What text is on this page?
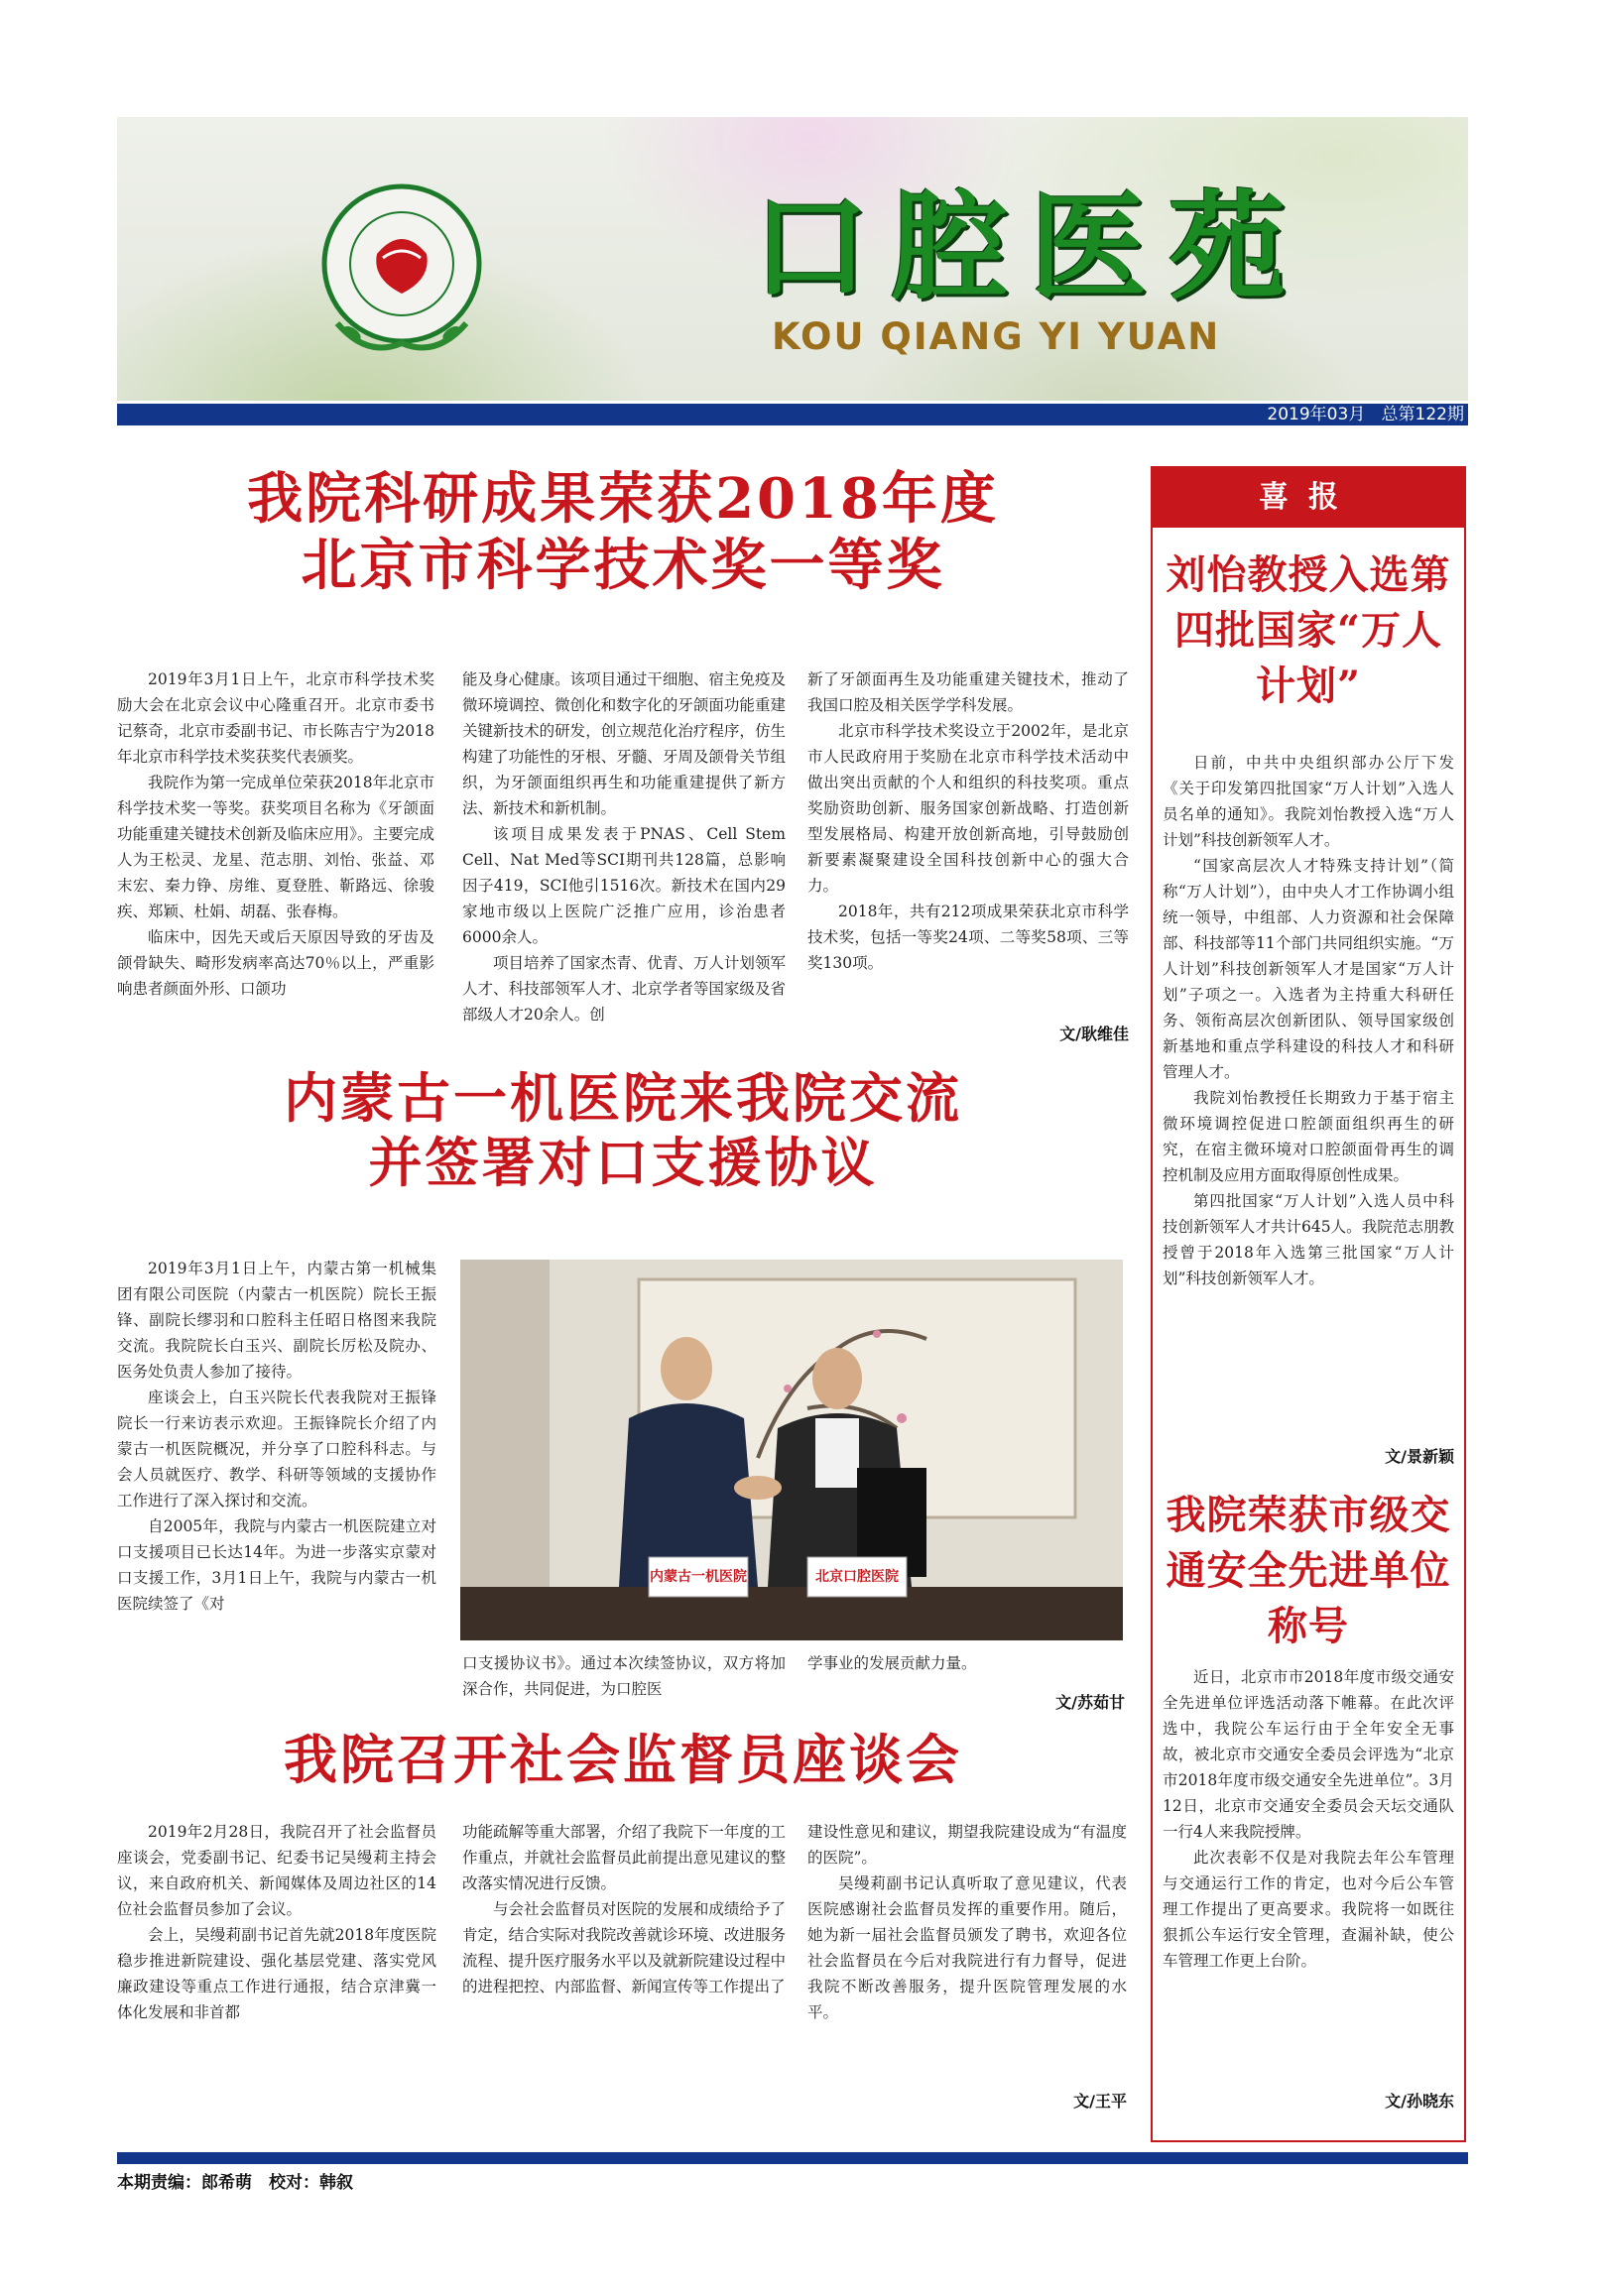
口腔医苑
KOU QIANG YI YUAN
2019年03月 总第122期
我院科研成果荣获2018年度
北京市科学技术奖一等奖

2019年3月1日上午，北京市科学技术奖励大会在北京会议中心隆重召开。北京市委书记蔡奇，北京市委副书记、市长陈吉宁为2018年北京市科学技术奖获奖代表颁奖。

我院作为第一完成单位荣获2018年北京市科学技术奖一等奖。获奖项目名称为《牙颌面功能重建关键技术创新及临床应用》。主要完成人为王松灵、龙星、范志朋、刘怡、张益、邓末宏、秦力铮、房维、夏登胜、靳路远、徐骏疾、郑颖、杜娟、胡磊、张春梅。

临床中，因先天或后天原因导致的牙齿及颌骨缺失、畸形发病率高达70％以上，严重影响患者颜面外形、口颌功

能及身心健康。该项目通过干细胞、宿主免疫及微环境调控、微创化和数字化的牙颌面功能重建关键新技术的研发，创立规范化治疗程序，仿生构建了功能性的牙根、牙髓、牙周及颌骨关节组织，为牙颌面组织再生和功能重建提供了新方法、新技术和新机制。

该项目成果发表于PNAS、Cell Stem Cell、Nat Med等SCI期刊共128篇，总影响因子419，SCI他引1516次。新技术在国内29家地市级以上医院广泛推广应用，诊治患者6000余人。

项目培养了国家杰青、优青、万人计划领军人才、科技部领军人才、北京学者等国家级及省部级人才20余人。创

新了牙颌面再生及功能重建关键技术，推动了我国口腔及相关医学学科发展。

北京市科学技术奖设立于2002年，是北京市人民政府用于奖励在北京市科学技术活动中做出突出贡献的个人和组织的科技奖项。重点奖励资助创新、服务国家创新战略、打造创新型发展格局、构建开放创新高地，引导鼓励创新要素凝聚建设全国科技创新中心的强大合力。

2018年，共有212项成果荣获北京市科学技术奖，包括一等奖24项、二等奖58项、三等奖130项。

文/耿维佳
内蒙古一机医院来我院交流
并签署对口支援协议

2019年3月1日上午，内蒙古第一机械集团有限公司医院（内蒙古一机医院）院长王振锋、副院长缪羽和口腔科主任昭日格图来我院交流。我院院长白玉兴、副院长厉松及院办、医务处负责人参加了接待。

座谈会上，白玉兴院长代表我院对王振锋院长一行来访表示欢迎。王振锋院长介绍了内蒙古一机医院概况，并分享了口腔科科志。与会人员就医疗、教学、科研等领域的支援协作工作进行了深入探讨和交流。

自2005年，我院与内蒙古一机医院建立对口支援项目已长达14年。为进一步落实京蒙对口支援工作，3月1日上午，我院与内蒙古一机医院续签了《对

内蒙古一机医院	北京口腔医院

口支援协议书》。通过本次续签协议，双方将加深合作，共同促进，为口腔医

学事业的发展贡献力量。

文/苏茹甘
我院召开社会监督员座谈会

2019年2月28日，我院召开了社会监督员座谈会，党委副书记、纪委书记吴缦莉主持会议，来自政府机关、新闻媒体及周边社区的14位社会监督员参加了会议。

会上，吴缦莉副书记首先就2018年度医院稳步推进新院建设、强化基层党建、落实党风廉政建设等重点工作进行通报，结合京津冀一体化发展和非首都

功能疏解等重大部署，介绍了我院下一年度的工作重点，并就社会监督员此前提出意见建议的整改落实情况进行反馈。

与会社会监督员对医院的发展和成绩给予了肯定，结合实际对我院改善就诊环境、改进服务流程、提升医疗服务水平以及就新院建设过程中的进程把控、内部监督、新闻宣传等工作提出了

建设性意见和建议，期望我院建设成为“有温度的医院”。

吴缦莉副书记认真听取了意见建议，代表医院感谢社会监督员发挥的重要作用。随后，她为新一届社会监督员颁发了聘书，欢迎各位社会监督员在今后对我院进行有力督导，促进我院不断改善服务，提升医院管理发展的水平。

文/王平
喜报
刘怡教授入选第四批国家“万人计划”

日前，中共中央组织部办公厅下发《关于印发第四批国家“万人计划”入选人员名单的通知》。我院刘怡教授入选“万人计划”科技创新领军人才。

“国家高层次人才特殊支持计划”（简称“万人计划”），由中央人才工作协调小组统一领导，中组部、人力资源和社会保障部、科技部等11个部门共同组织实施。“万人计划”科技创新领军人才是国家“万人计划”子项之一。入选者为主持重大科研任务、领衔高层次创新团队、领导国家级创新基地和重点学科建设的科技人才和科研管理人才。

我院刘怡教授任长期致力于基于宿主微环境调控促进口腔颌面组织再生的研究，在宿主微环境对口腔颌面骨再生的调控机制及应用方面取得原创性成果。

第四批国家“万人计划”入选人员中科技创新领军人才共计645人。我院范志朋教授曾于2018年入选第三批国家“万人计划”科技创新领军人才。

文/景新颖
我院荣获市级交通安全先进单位称号

近日，北京市市2018年度市级交通安全先进单位评选活动落下帷幕。在此次评选中，我院公车运行由于全年安全无事故，被北京市交通安全委员会评选为“北京市2018年度市级交通安全先进单位”。3月12日，北京市交通安全委员会天坛交通队一行4人来我院授牌。

此次表彰不仅是对我院去年公车管理与交通运行工作的肯定，也对今后公车管理工作提出了更高要求。我院将一如既往狠抓公车运行安全管理，查漏补缺，使公车管理工作更上台阶。

文/孙晓东
本期责编：郎希萌　校对：韩叙
